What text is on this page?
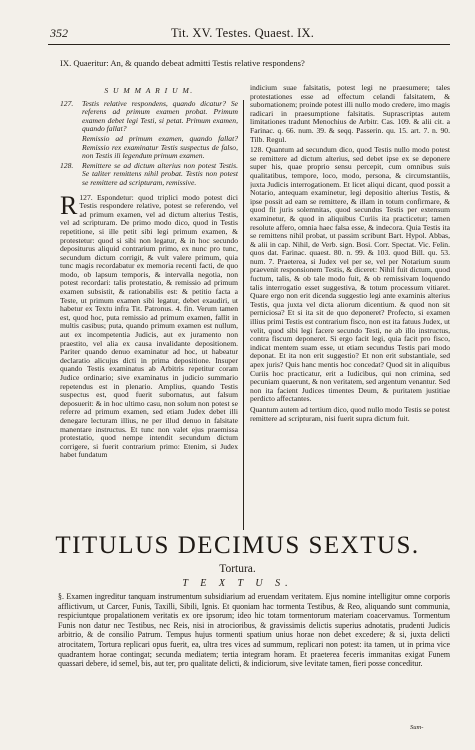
352	Tit. XV. Testes. Quaest. IX.
IX. Quaeritur: An, & quando debeat admitti Testis relative respondens?

S U M M A R I U M.

127.	Testis relative respondens, quando dicatur? Se referens ad primum examen probat. Primum examen debet legi Testi, si petat. Primum examen, quando fallat?
Remissio ad primum examen, quando fallat? Remissio rex examinatur Testis suspectus de falso, non Testis ili legendum primum examen.
128.	Remittere se ad dictum alterius non potest Testis. Se taliter remittens nihil probat. Testis non potest se remittere ad scripturam, remissive.

127.
R	Espondetur: quod triplici modo potest dici Testis respondere relative, potest se referendo, vel ad primum examen, vel ad dictum alterius Testis, vel ad scripturam. De primo modo dico, quod in Testis repetitione, si ille petit sibi legi primum examen, & protestetur: quod si sibi non legatur, & in hoc secundo depositurus aliquid contrarium primo, ex nunc pro tunc, secundum dictum corrigit, & vult valere primum, quia tunc magis recordabatur ex memoria recenti facti, de quo modo, ob lapsum temporis, & intervalla negotia, non potest recordari: talis protestatio, & remissio ad primum examen subsistit, & rationabilis est: & petitio facta a Teste, ut primum examen sibi legatur, debet exaudiri, ut habetur ex Textu infra Tit. Patronus. 4. fin. Verum tamen est, quod hoc, puta remissio ad primum examen, fallit in multis casibus; puta, quando primum examen est nullum, aut ex incompetentia Judicis, aut ex juramento non praestito, vel alia ex causa invalidante depositionem. Pariter quando denuo examinatur ad hoc, ut habeatur declaratio alicujus dicti in prima depositione. Insuper quando Testis examinatus ab Arbitris repetitur coram Judice ordinario; sive examinatus in judicio summario repetendus est in plenario. Amplius, quando Testis suspectus est, quod fuerit subornatus, aut falsum deposuerit: & in hoc ultimo casu, non solum non potest se referre ad primum examen, sed etiam Judex debet illi denegare lecturam illius, ne per illud denuo in falsitate manentare instructus. Et tunc non valet ejus praemissa protestatio, quod nempe intendit secundum dictum corrigere, si fuerit contrarium primo: Etenim, si Judex habet fundatum

indicium suae falsitatis, potest legi ne praesumere; tales protestationes esse ad effectum celandi falsitatem, & subornationem; proinde potest illi nullo modo credere, imo magis radicari in praesumptione falsitatis. Suprascriptas autem limitationes tradunt Menochius de Arbitr. Cas. 109. & alii cit. a Farinac. q. 66. num. 39. & seqq. Passerin. qu. 15. art. 7. n. 90. Tilb. Regul.

128. Quantum ad secundum dico, quod Testis nullo modo potest se remittere ad dictum alterius, sed debet ipse ex se deponere super his, quae proprio sensu percepit, cum omnibus suis qualitatibus, tempore, loco, modo, persona, & circumstantiis, juxta Judicis interrogationem. Et licet aliqui dicant, quod possit a Notario, antequam examinetur, legi depositio alterius Testis, & ipse possit ad eam se remittere, & illam in totum confirmare, & quod fit juris solemnitas, quod secundus Testis per extensum examinetur, & quod in aliquibus Curiis ita practicetur; tamen resolute affero, omnia haec falsa esse, & indecora. Quia Testis ita se remittens nihil probat, ut passim scribunt Bart. Hypol. Abbas, & alii in cap. Nihil, de Verb. sign. Bosi. Corr. Spectat. Vic. Felin. quos dat. Farinac. quaest. 80. n. 99. & 103. quod Bill. qu. 53. num. 7. Praeterea, si Judex vel per se, vel per Notarium suum praevenit responsionem Testis, & diceret: Nihil fuit dictum, quod fuctum, talis, & ob tale modo fuit, & ob remissivam loquendo talis interrogatio esset suggestiva, & totum processum vitiaret. Quare ergo non erit dicenda suggestio legi ante examinis alterius Testis, qua juxta vel dicta aliorum dicentium. & quod non sit perniciosa? Et si ita sit de quo deponeret? Profecto, si examen illius primi Testis est contrarium fisco, non est ita fatuus Judex, ut velit, quod sibi legi facere secundo Testi, ne ab illo instructus, contra fiscum deponeret. Si ergo facit legi, quia facit pro fisco, indicat mentem suam esse, ut etiam secundus Testis pari modo deponat. Et ita non erit suggestio? Et non erit substantiale, sed apex juris? Quis hanc mentis hoc concedat? Quod sit in aliquibus Curiis hoc practicatur, erit a Iudicibus, qui non crimina, sed pecuniam quaerunt, & non veritatem, sed argentum venantur. Sed non ita facient Judices timentes Deum, & puritatem justitiae perdicto affectantes.

Quantum autem ad tertium dico, quod nullo modo Testis se potest remittere ad scripturam, nisi fuerit supra dictum fuit.

TITULUS DECIMUS SEXTUS.
Tortura.
T E X T U S.

§. Examen ingreditur tanquam instrumentum subsidiarium ad eruendam veritatem. Ejus nomine intelligitur omne corporis afflictivum, ut Carcer, Funis, Taxilli, Sibili, Ignis. Et quoniam hac tormenta Testibus, & Reo, aliquando sunt communia, respiciuntque propalationem veritatis ex ore ipsorum; ideo hic totam tormentorum materiam coacervamus. Tormentum Funis non datur nec Testibus, nec Reis, nisi in atrocioribus, & gravissimis delictis superius adnotatis, prudenti Judicis arbitrio, & de consilio Patrum. Tempus hujus tormenti spatium unius horae non debet excedere; & si, juxta delicti atrocitatem, Tortura replicari opus fuerit, ea, ultra tres vices ad summum, replicari non potest: ita tamen, ut in prima vice quadrantem horae contingat; secunda mediatem; tertia integram horam. Et praeterea feceris immanitas exigat Funem quassari debere, id semel, bis, aut ter, pro qualitate delicti, & indiciorum, sive levitate tamen, fieri posse conceditur.

Sum-
